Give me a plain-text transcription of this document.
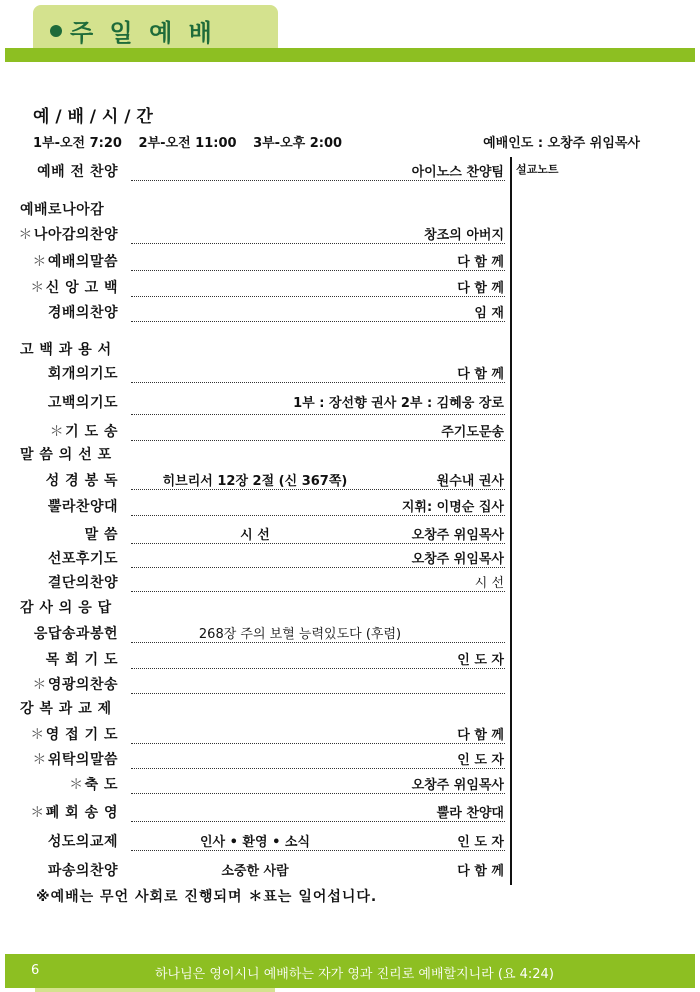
주 일 예 배
예 / 배 / 시 / 간
1부-오전 7:20 2부-오전 11:00 3부-오후 2:00	예배인도 : 오창주 위임목사
설교노트
예배 전 찬양	아이노스 찬양팀
예배로나아감
＊나아감의찬양	창조의 아버지
＊예배의말씀	다 함 께
＊신 앙 고 백	다 함 께
경배의찬양	임 재
고 백 과 용 서
회개의기도	다 함 께
고백의기도	1부 : 장선향 권사 2부 : 김혜웅 장로
＊기 도 송	주기도문송
말 씀 의 선 포
성 경 봉 독	히브리서 12장 2절 (신 367쪽)	원수내 권사
뿔라찬양대	지휘: 이명순 집사
말 씀	시 선	오창주 위임목사
선포후기도	오창주 위임목사
결단의찬양	시 선
감 사 의 응 답
응답송과봉헌	268장 주의 보혈 능력있도다 (후렴)
목 회 기 도	인 도 자
＊영광의찬송
강 복 과 교 제
＊영 접 기 도	다 함 께
＊위탁의말씀	인 도 자
＊축 도	오창주 위임목사
＊폐 회 송 영	뿔라 찬양대
성도의교제	인사 • 환영 • 소식	인 도 자
파송의찬양	소중한 사람	다 함 께
※예배는 무언 사회로 진행되며 ＊표는 일어섭니다.
6	하나님은 영이시니 예배하는 자가 영과 진리로 예배할지니라 (요 4:24)
